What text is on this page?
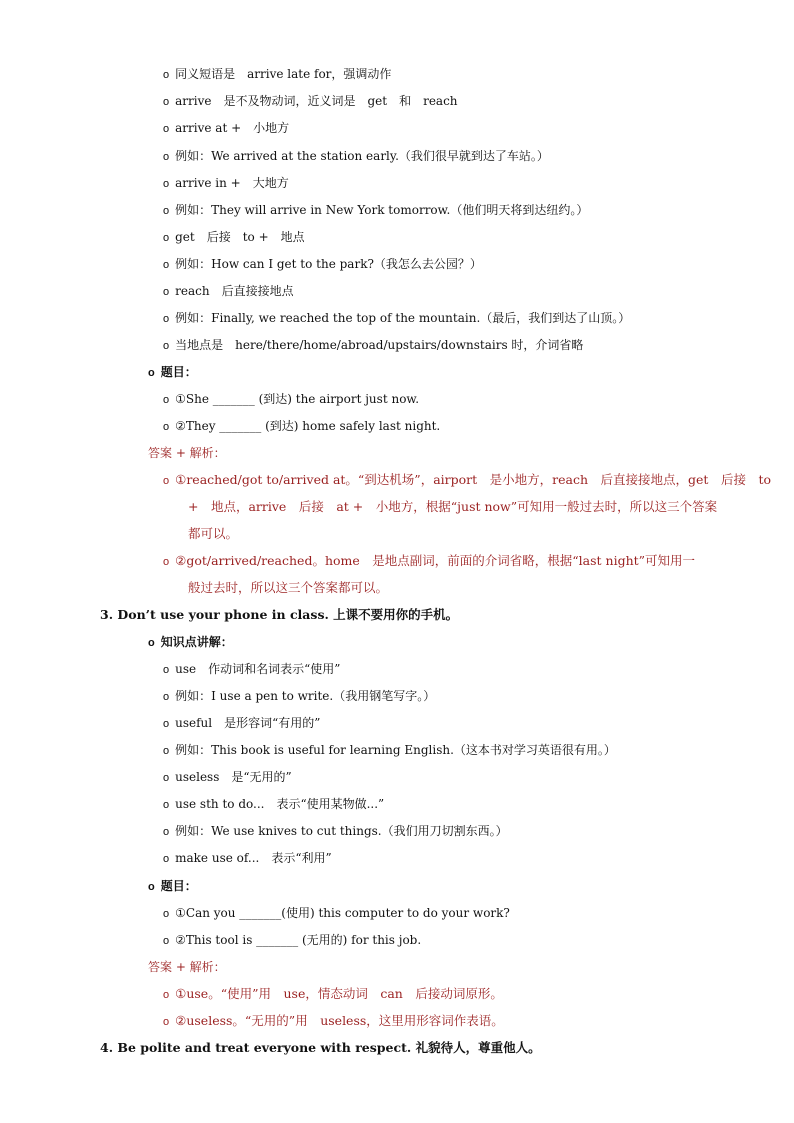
o 同义短语是　arrive late for，强调动作
o arrive　是不及物动词，近义词是　get　和　reach
o arrive at +　小地方
o 例如：We arrived at the station early.（我们很早就到达了车站。）
o arrive in +　大地方
o 例如：They will arrive in New York tomorrow.（他们明天将到达纽约。）
o get　后接　to +　地点
o 例如：How can I get to the park?（我怎么去公园？）
o reach　后直接接地点
o 例如：Finally, we reached the top of the mountain.（最后，我们到达了山顶。）
o 当地点是　here/there/home/abroad/upstairs/downstairs 时，介词省略
o 题目：
o ①She _______ (到达) the airport just now.
o ②They _______ (到达) home safely last night.
答案 + 解析：
o ①reached/got to/arrived at。“到达机场”，airport　是小地方，reach　后直接接地点，get　后接　to
+　地点，arrive　后接　at +　小地方，根据“just now”可知用一般过去时，所以这三个答案
都可以。
o ②got/arrived/reached。home　是地点副词，前面的介词省略，根据“last night”可知用一
般过去时，所以这三个答案都可以。
3. Don’t use your phone in class. 上课不要用你的手机。
o 知识点讲解：
o use　作动词和名词表示“使用”
o 例如：I use a pen to write.（我用钢笔写字。）
o useful　是形容词“有用的”
o 例如：This book is useful for learning English.（这本书对学习英语很有用。）
o useless　是“无用的”
o use sth to do...　表示“使用某物做...”
o 例如：We use knives to cut things.（我们用刀切割东西。）
o make use of...　表示“利用”
o 题目：
o ①Can you _______(使用) this computer to do your work?
o ②This tool is _______ (无用的) for this job.
答案 + 解析：
o ①use。“使用”用　use，情态动词　can　后接动词原形。
o ②useless。“无用的”用　useless，这里用形容词作表语。
4. Be polite and treat everyone with respect. 礼貌待人，尊重他人。
